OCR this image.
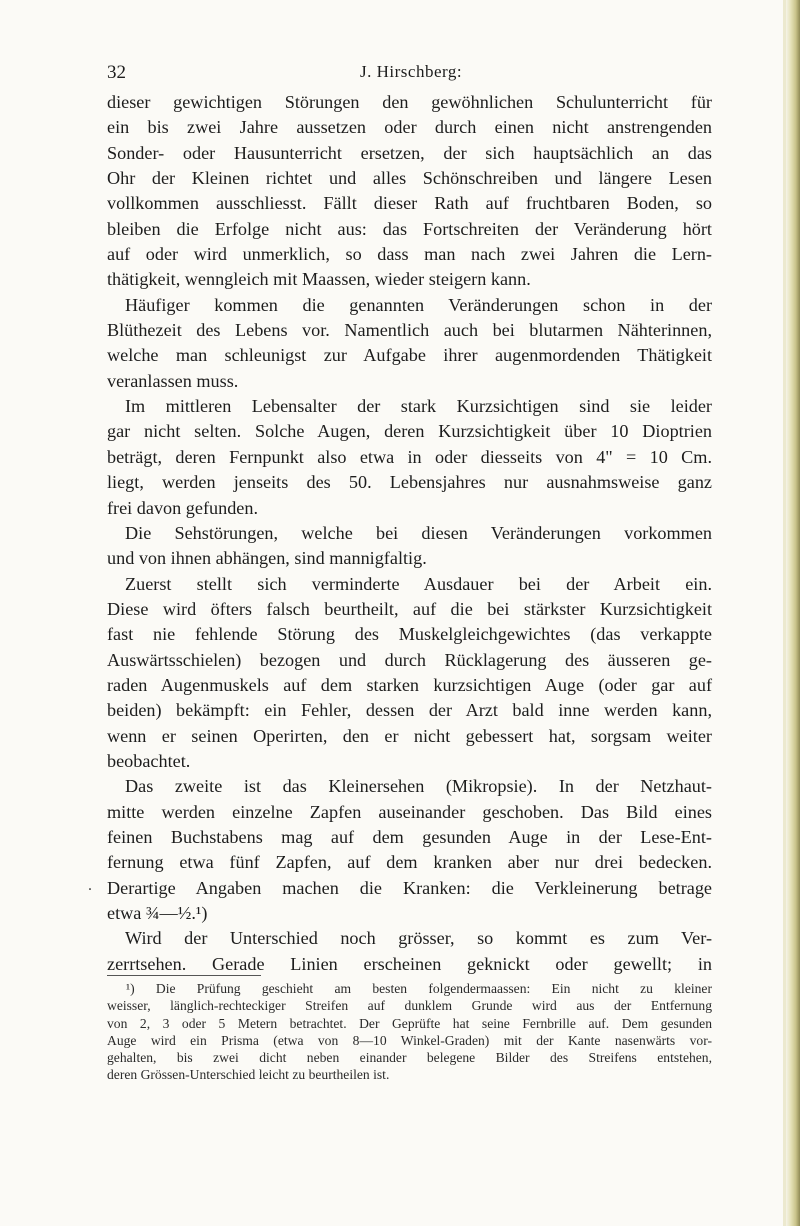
32	J. Hirschberg:
dieser gewichtigen Störungen den gewöhnlichen Schulunterricht für
ein bis zwei Jahre aussetzen oder durch einen nicht anstrengenden
Sonder- oder Hausunterricht ersetzen, der sich hauptsächlich an das
Ohr der Kleinen richtet und alles Schönschreiben und längere Lesen
vollkommen ausschliesst. Fällt dieser Rath auf fruchtbaren Boden, so
bleiben die Erfolge nicht aus: das Fortschreiten der Veränderung hört
auf oder wird unmerklich, so dass man nach zwei Jahren die Lern-
thätigkeit, wenngleich mit Maassen, wieder steigern kann.
Häufiger kommen die genannten Veränderungen schon in der
Blüthezeit des Lebens vor. Namentlich auch bei blutarmen Nähterinnen,
welche man schleunigst zur Aufgabe ihrer augenmordenden Thätigkeit
veranlassen muss.
Im mittleren Lebensalter der stark Kurzsichtigen sind sie leider
gar nicht selten. Solche Augen, deren Kurzsichtigkeit über 10 Dioptrien
beträgt, deren Fernpunkt also etwa in oder diesseits von 4" = 10 Cm.
liegt, werden jenseits des 50. Lebensjahres nur ausnahmsweise ganz
frei davon gefunden.
Die Sehstörungen, welche bei diesen Veränderungen vorkommen
und von ihnen abhängen, sind mannigfaltig.
Zuerst stellt sich verminderte Ausdauer bei der Arbeit ein.
Diese wird öfters falsch beurtheilt, auf die bei stärkster Kurzsichtigkeit
fast nie fehlende Störung des Muskelgleichgewichtes (das verkappte
Auswärtsschielen) bezogen und durch Rücklagerung des äusseren ge-
raden Augenmuskels auf dem starken kurzsichtigen Auge (oder gar auf
beiden) bekämpft: ein Fehler, dessen der Arzt bald inne werden kann,
wenn er seinen Operirten, den er nicht gebessert hat, sorgsam weiter
beobachtet.
Das zweite ist das Kleinersehen (Mikropsie). In der Netzhaut-
mitte werden einzelne Zapfen auseinander geschoben. Das Bild eines
feinen Buchstabens mag auf dem gesunden Auge in der Lese-Ent-
fernung etwa fünf Zapfen, auf dem kranken aber nur drei bedecken.
Derartige Angaben machen die Kranken: die Verkleinerung betrage
etwa ¾—½.¹)
Wird der Unterschied noch grösser, so kommt es zum Ver-
zerrtsehen. Gerade Linien erscheinen geknickt oder gewellt; in
.
¹) Die Prüfung geschieht am besten folgendermaassen: Ein nicht zu kleiner
weisser, länglich-rechteckiger Streifen auf dunklem Grunde wird aus der Entfernung
von 2, 3 oder 5 Metern betrachtet. Der Geprüfte hat seine Fernbrille auf. Dem gesunden
Auge wird ein Prisma (etwa von 8—10 Winkel-Graden) mit der Kante nasenwärts vor-
gehalten, bis zwei dicht neben einander belegene Bilder des Streifens entstehen,
deren Grössen-Unterschied leicht zu beurtheilen ist.
